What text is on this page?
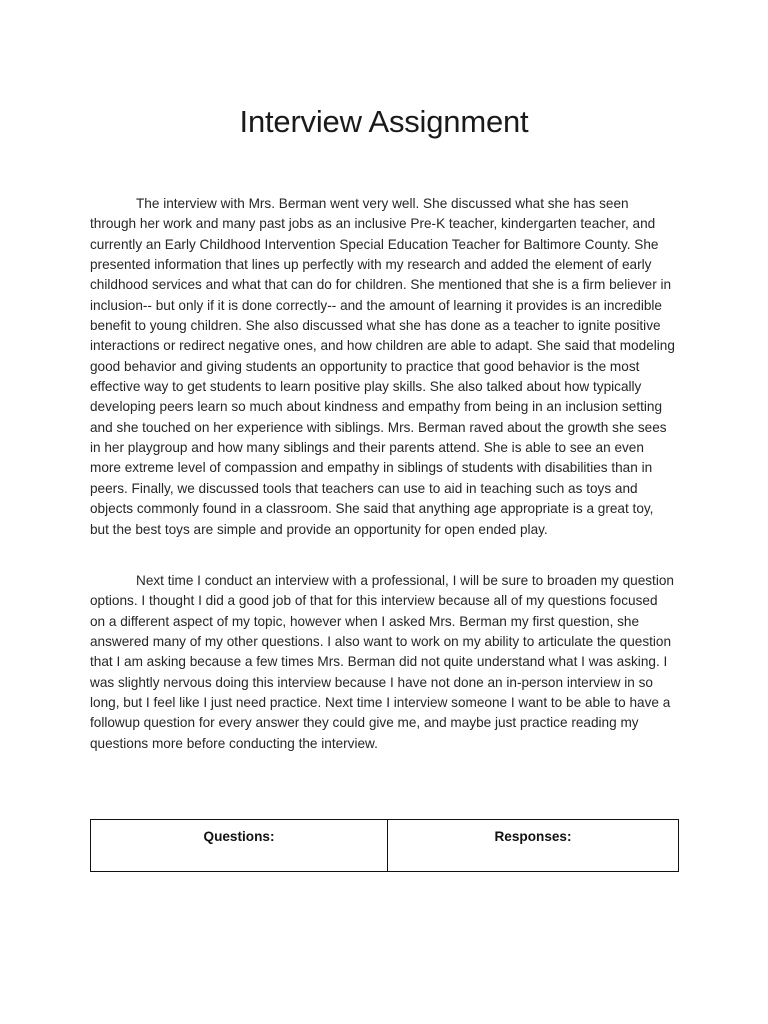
Interview Assignment

The interview with Mrs. Berman went very well. She discussed what she has seen through her work and many past jobs as an inclusive Pre-K teacher, kindergarten teacher, and currently an Early Childhood Intervention Special Education Teacher for Baltimore County. She presented information that lines up perfectly with my research and added the element of early childhood services and what that can do for children. She mentioned that she is a firm believer in inclusion-- but only if it is done correctly-- and the amount of learning it provides is an incredible benefit to young children. She also discussed what she has done as a teacher to ignite positive interactions or redirect negative ones, and how children are able to adapt. She said that modeling good behavior and giving students an opportunity to practice that good behavior is the most effective way to get students to learn positive play skills. She also talked about how typically developing peers learn so much about kindness and empathy from being in an inclusion setting and she touched on her experience with siblings. Mrs. Berman raved about the growth she sees in her playgroup and how many siblings and their parents attend. She is able to see an even more extreme level of compassion and empathy in siblings of students with disabilities than in peers. Finally, we discussed tools that teachers can use to aid in teaching such as toys and objects commonly found in a classroom. She said that anything age appropriate is a great toy, but the best toys are simple and provide an opportunity for open ended play.

Next time I conduct an interview with a professional, I will be sure to broaden my question options. I thought I did a good job of that for this interview because all of my questions focused on a different aspect of my topic, however when I asked Mrs. Berman my first question, she answered many of my other questions. I also want to work on my ability to articulate the question that I am asking because a few times Mrs. Berman did not quite understand what I was asking. I was slightly nervous doing this interview because I have not done an in-person interview in so long, but I feel like I just need practice. Next time I interview someone I want to be able to have a followup question for every answer they could give me, and maybe just practice reading my questions more before conducting the interview.

Questions:	Responses:
